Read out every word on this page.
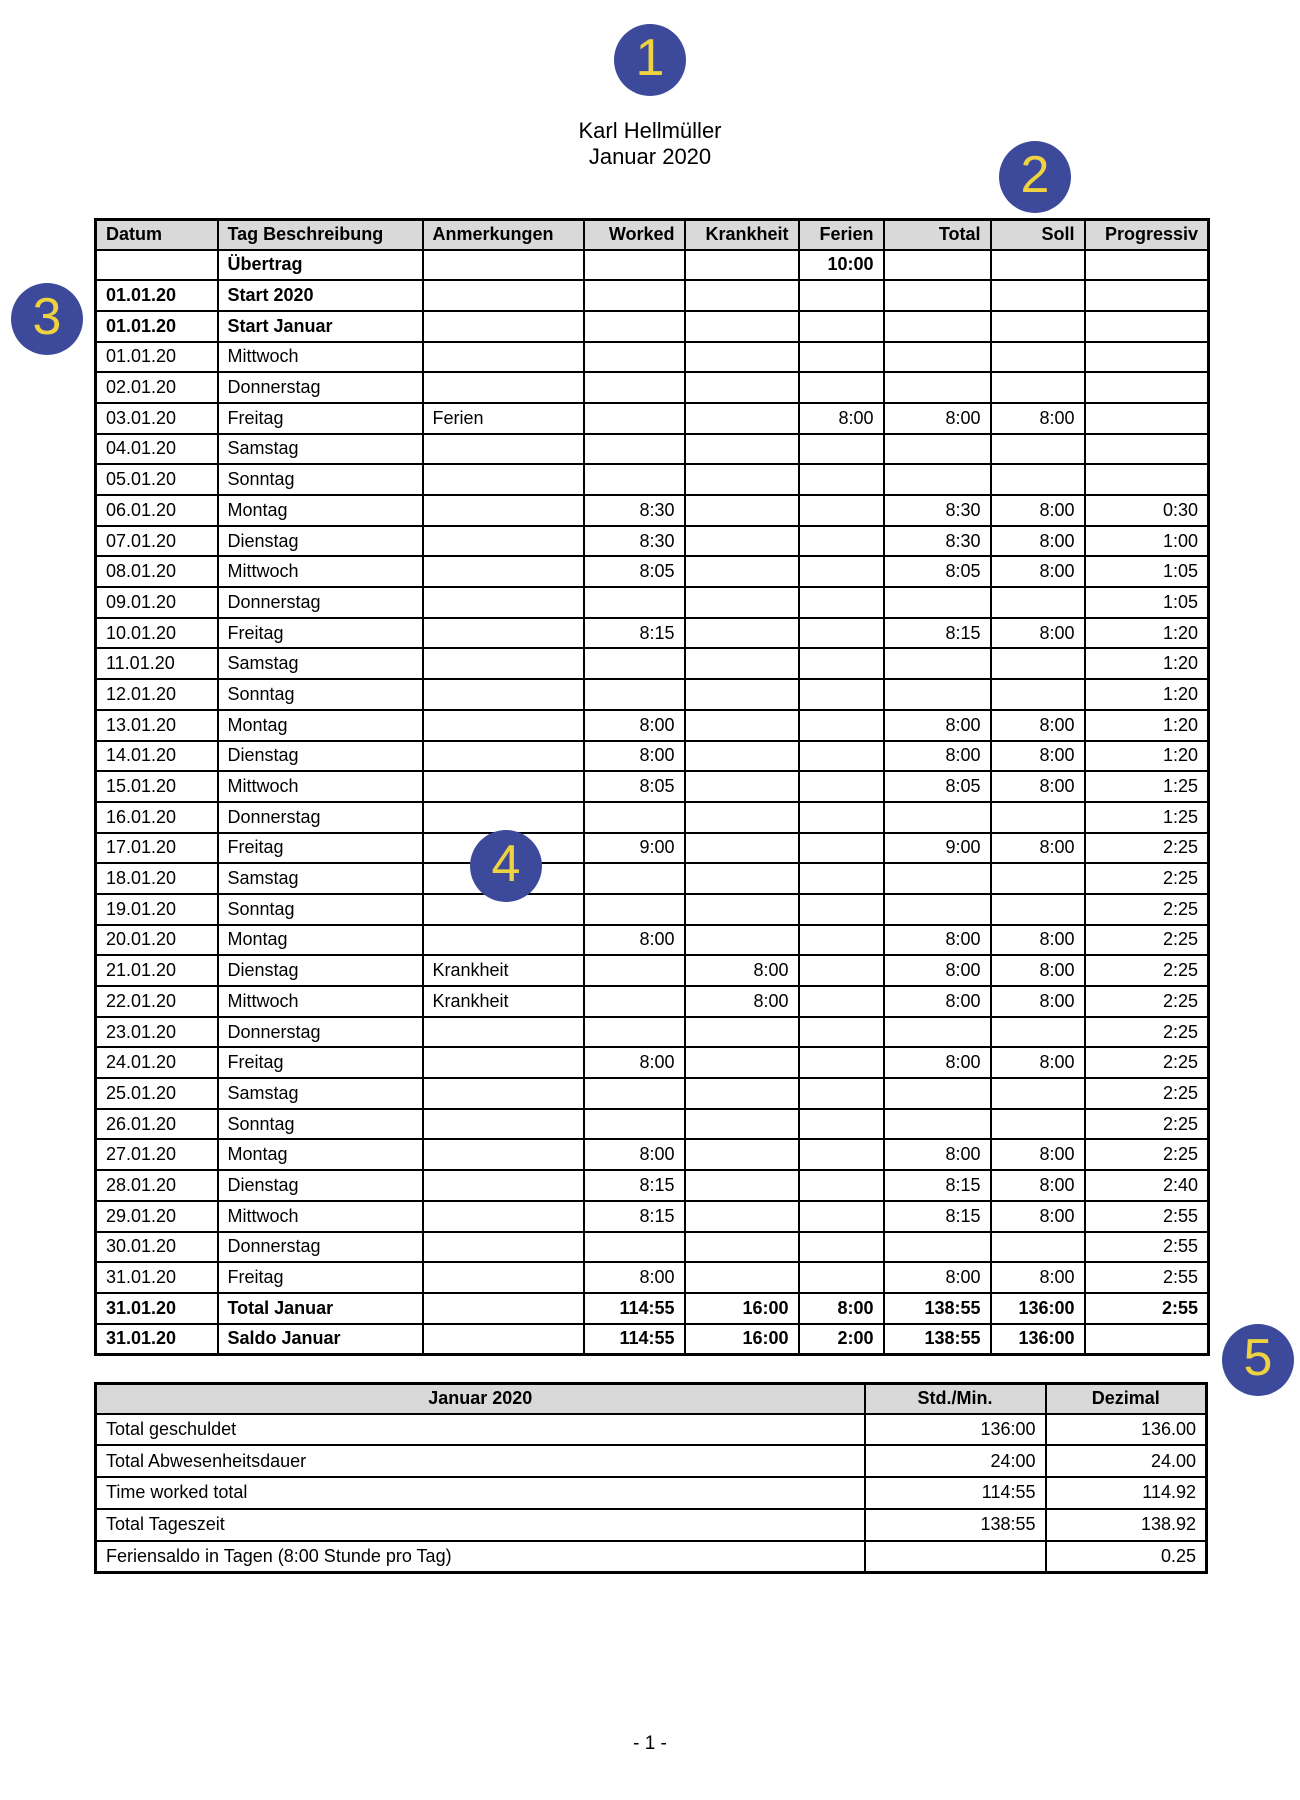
Karl Hellmüller
Januar 2020
1
2
3
4
5
Datum	Tag Beschreibung	Anmerkungen	Worked	Krankheit	Ferien	Total	Soll	Progressiv
	Übertrag				10:00			
01.01.20	Start 2020							
01.01.20	Start Januar							
01.01.20	Mittwoch							
02.01.20	Donnerstag							
03.01.20	Freitag	Ferien			8:00	8:00	8:00	
04.01.20	Samstag							
05.01.20	Sonntag							
06.01.20	Montag		8:30			8:30	8:00	0:30
07.01.20	Dienstag		8:30			8:30	8:00	1:00
08.01.20	Mittwoch		8:05			8:05	8:00	1:05
09.01.20	Donnerstag							1:05
10.01.20	Freitag		8:15			8:15	8:00	1:20
11.01.20	Samstag							1:20
12.01.20	Sonntag							1:20
13.01.20	Montag		8:00			8:00	8:00	1:20
14.01.20	Dienstag		8:00			8:00	8:00	1:20
15.01.20	Mittwoch		8:05			8:05	8:00	1:25
16.01.20	Donnerstag							1:25
17.01.20	Freitag		9:00			9:00	8:00	2:25
18.01.20	Samstag							2:25
19.01.20	Sonntag							2:25
20.01.20	Montag		8:00			8:00	8:00	2:25
21.01.20	Dienstag	Krankheit		8:00		8:00	8:00	2:25
22.01.20	Mittwoch	Krankheit		8:00		8:00	8:00	2:25
23.01.20	Donnerstag							2:25
24.01.20	Freitag		8:00			8:00	8:00	2:25
25.01.20	Samstag							2:25
26.01.20	Sonntag							2:25
27.01.20	Montag		8:00			8:00	8:00	2:25
28.01.20	Dienstag		8:15			8:15	8:00	2:40
29.01.20	Mittwoch		8:15			8:15	8:00	2:55
30.01.20	Donnerstag							2:55
31.01.20	Freitag		8:00			8:00	8:00	2:55
31.01.20	Total Januar		114:55	16:00	8:00	138:55	136:00	2:55
31.01.20	Saldo Januar		114:55	16:00	2:00	138:55	136:00	
Januar 2020	Std./Min.	Dezimal
Total geschuldet	136:00	136.00
Total Abwesenheitsdauer	24:00	24.00
Time worked total	114:55	114.92
Total Tageszeit	138:55	138.92
Feriensaldo in Tagen (8:00 Stunde pro Tag)		0.25
- 1 -
